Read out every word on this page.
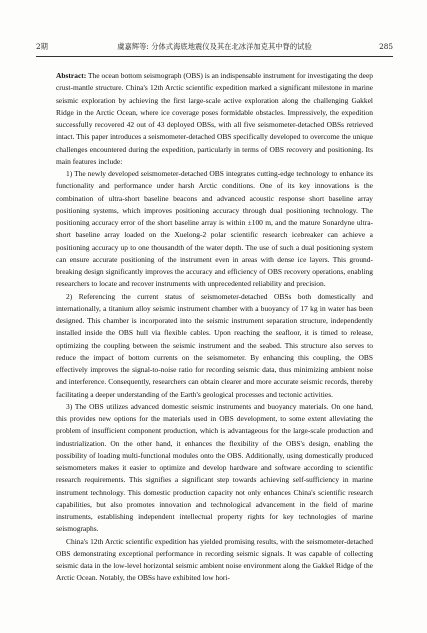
2期	虞嘉辉等: 分体式海底地震仪及其在北冰洋加克其中脊的试验	285

Abstract: The ocean bottom seismograph (OBS) is an indispensable instrument for investigating the deep crust-mantle structure. China's 12th Arctic scientific expedition marked a significant milestone in marine seismic exploration by achieving the first large-scale active exploration along the challenging Gakkel Ridge in the Arctic Ocean, where ice coverage poses formidable obstacles. Impressively, the expedition successfully recovered 42 out of 43 deployed OBSs, with all five seismometer-detached OBSs retrieved intact. This paper introduces a seismometer-detached OBS specifically developed to overcome the unique challenges encountered during the expedition, particularly in terms of OBS recovery and positioning. Its main features include:

1) The newly developed seismometer-detached OBS integrates cutting-edge technology to enhance its functionality and performance under harsh Arctic conditions. One of its key innovations is the combination of ultra-short baseline beacons and advanced acoustic response short baseline array positioning systems, which improves positioning accuracy through dual positioning technology. The positioning accuracy error of the short baseline array is within ±100 m, and the mature Sonardyne ultra-short baseline array loaded on the Xuelong-2 polar scientific research icebreaker can achieve a positioning accuracy up to one thousandth of the water depth. The use of such a dual positioning system can ensure accurate positioning of the instrument even in areas with dense ice layers. This ground-breaking design significantly improves the accuracy and efficiency of OBS recovery operations, enabling researchers to locate and recover instruments with unprecedented reliability and precision.

2) Referencing the current status of seismometer-detached OBSs both domestically and internationally, a titanium alloy seismic instrument chamber with a buoyancy of 17 kg in water has been designed. This chamber is incorporated into the seismic instrument separation structure, independently installed inside the OBS hull via flexible cables. Upon reaching the seafloor, it is timed to release, optimizing the coupling between the seismic instrument and the seabed. This structure also serves to reduce the impact of bottom currents on the seismometer. By enhancing this coupling, the OBS effectively improves the signal-to-noise ratio for recording seismic data, thus minimizing ambient noise and interference. Consequently, researchers can obtain clearer and more accurate seismic records, thereby facilitating a deeper understanding of the Earth's geological processes and tectonic activities.

3) The OBS utilizes advanced domestic seismic instruments and buoyancy materials. On one hand, this provides new options for the materials used in OBS development, to some extent alleviating the problem of insufficient component production, which is advantageous for the large-scale production and industrialization. On the other hand, it enhances the flexibility of the OBS's design, enabling the possibility of loading multi-functional modules onto the OBS. Additionally, using domestically produced seismometers makes it easier to optimize and develop hardware and software according to scientific research requirements. This signifies a significant step towards achieving self-sufficiency in marine instrument technology. This domestic production capacity not only enhances China's scientific research capabilities, but also promotes innovation and technological advancement in the field of marine instruments, establishing independent intellectual property rights for key technologies of marine seismographs.

China's 12th Arctic scientific expedition has yielded promising results, with the seismometer-detached OBS demonstrating exceptional performance in recording seismic signals. It was capable of collecting seismic data in the low-level horizontal seismic ambient noise environment along the Gakkel Ridge of the Arctic Ocean. Notably, the OBSs have exhibited low hori-
